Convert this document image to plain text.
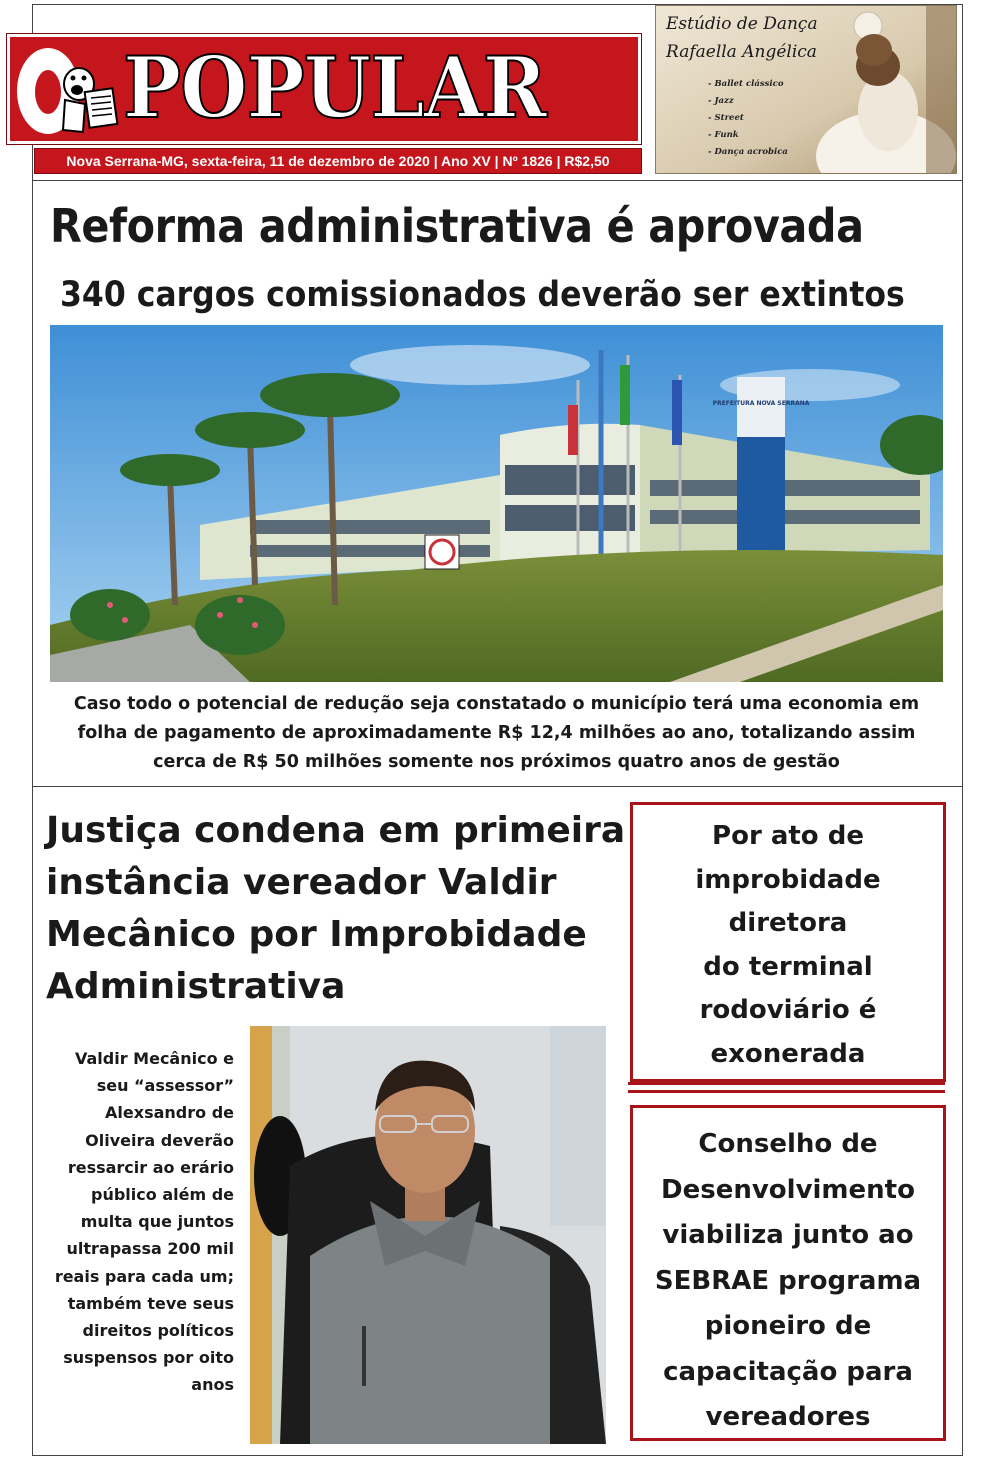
POPULAR
Nova Serrana-MG, sexta-feira, 11 de dezembro de 2020 | Ano XV | Nº 1826 | R$2,50
Estúdio de Dança
Rafaella Angélica
- Ballet clássico
- Jazz
- Street
- Funk
- Dança acrobica
Reforma administrativa é aprovada
340 cargos comissionados deverão ser extintos
PREFEITURA NOVA SERRANA
Caso todo o potencial de redução seja constatado o município terá uma economia em folha de pagamento de aproximadamente R$ 12,4 milhões ao ano, totalizando assim cerca de R$ 50 milhões somente nos próximos quatro anos de gestão
Justiça condena em primeira instância vereador Valdir Mecânico por Improbidade Administrativa
Valdir Mecânico e seu “assessor” Alexsandro de Oliveira deverão ressarcir ao erário público além de multa que juntos ultrapassa 200 mil reais para cada um; também teve seus direitos políticos suspensos por oito anos
Por ato de
improbidade
diretora
do terminal
rodoviário é
exonerada
Conselho de
Desenvolvimento
viabiliza junto ao
SEBRAE programa
pioneiro de
capacitação para
vereadores
